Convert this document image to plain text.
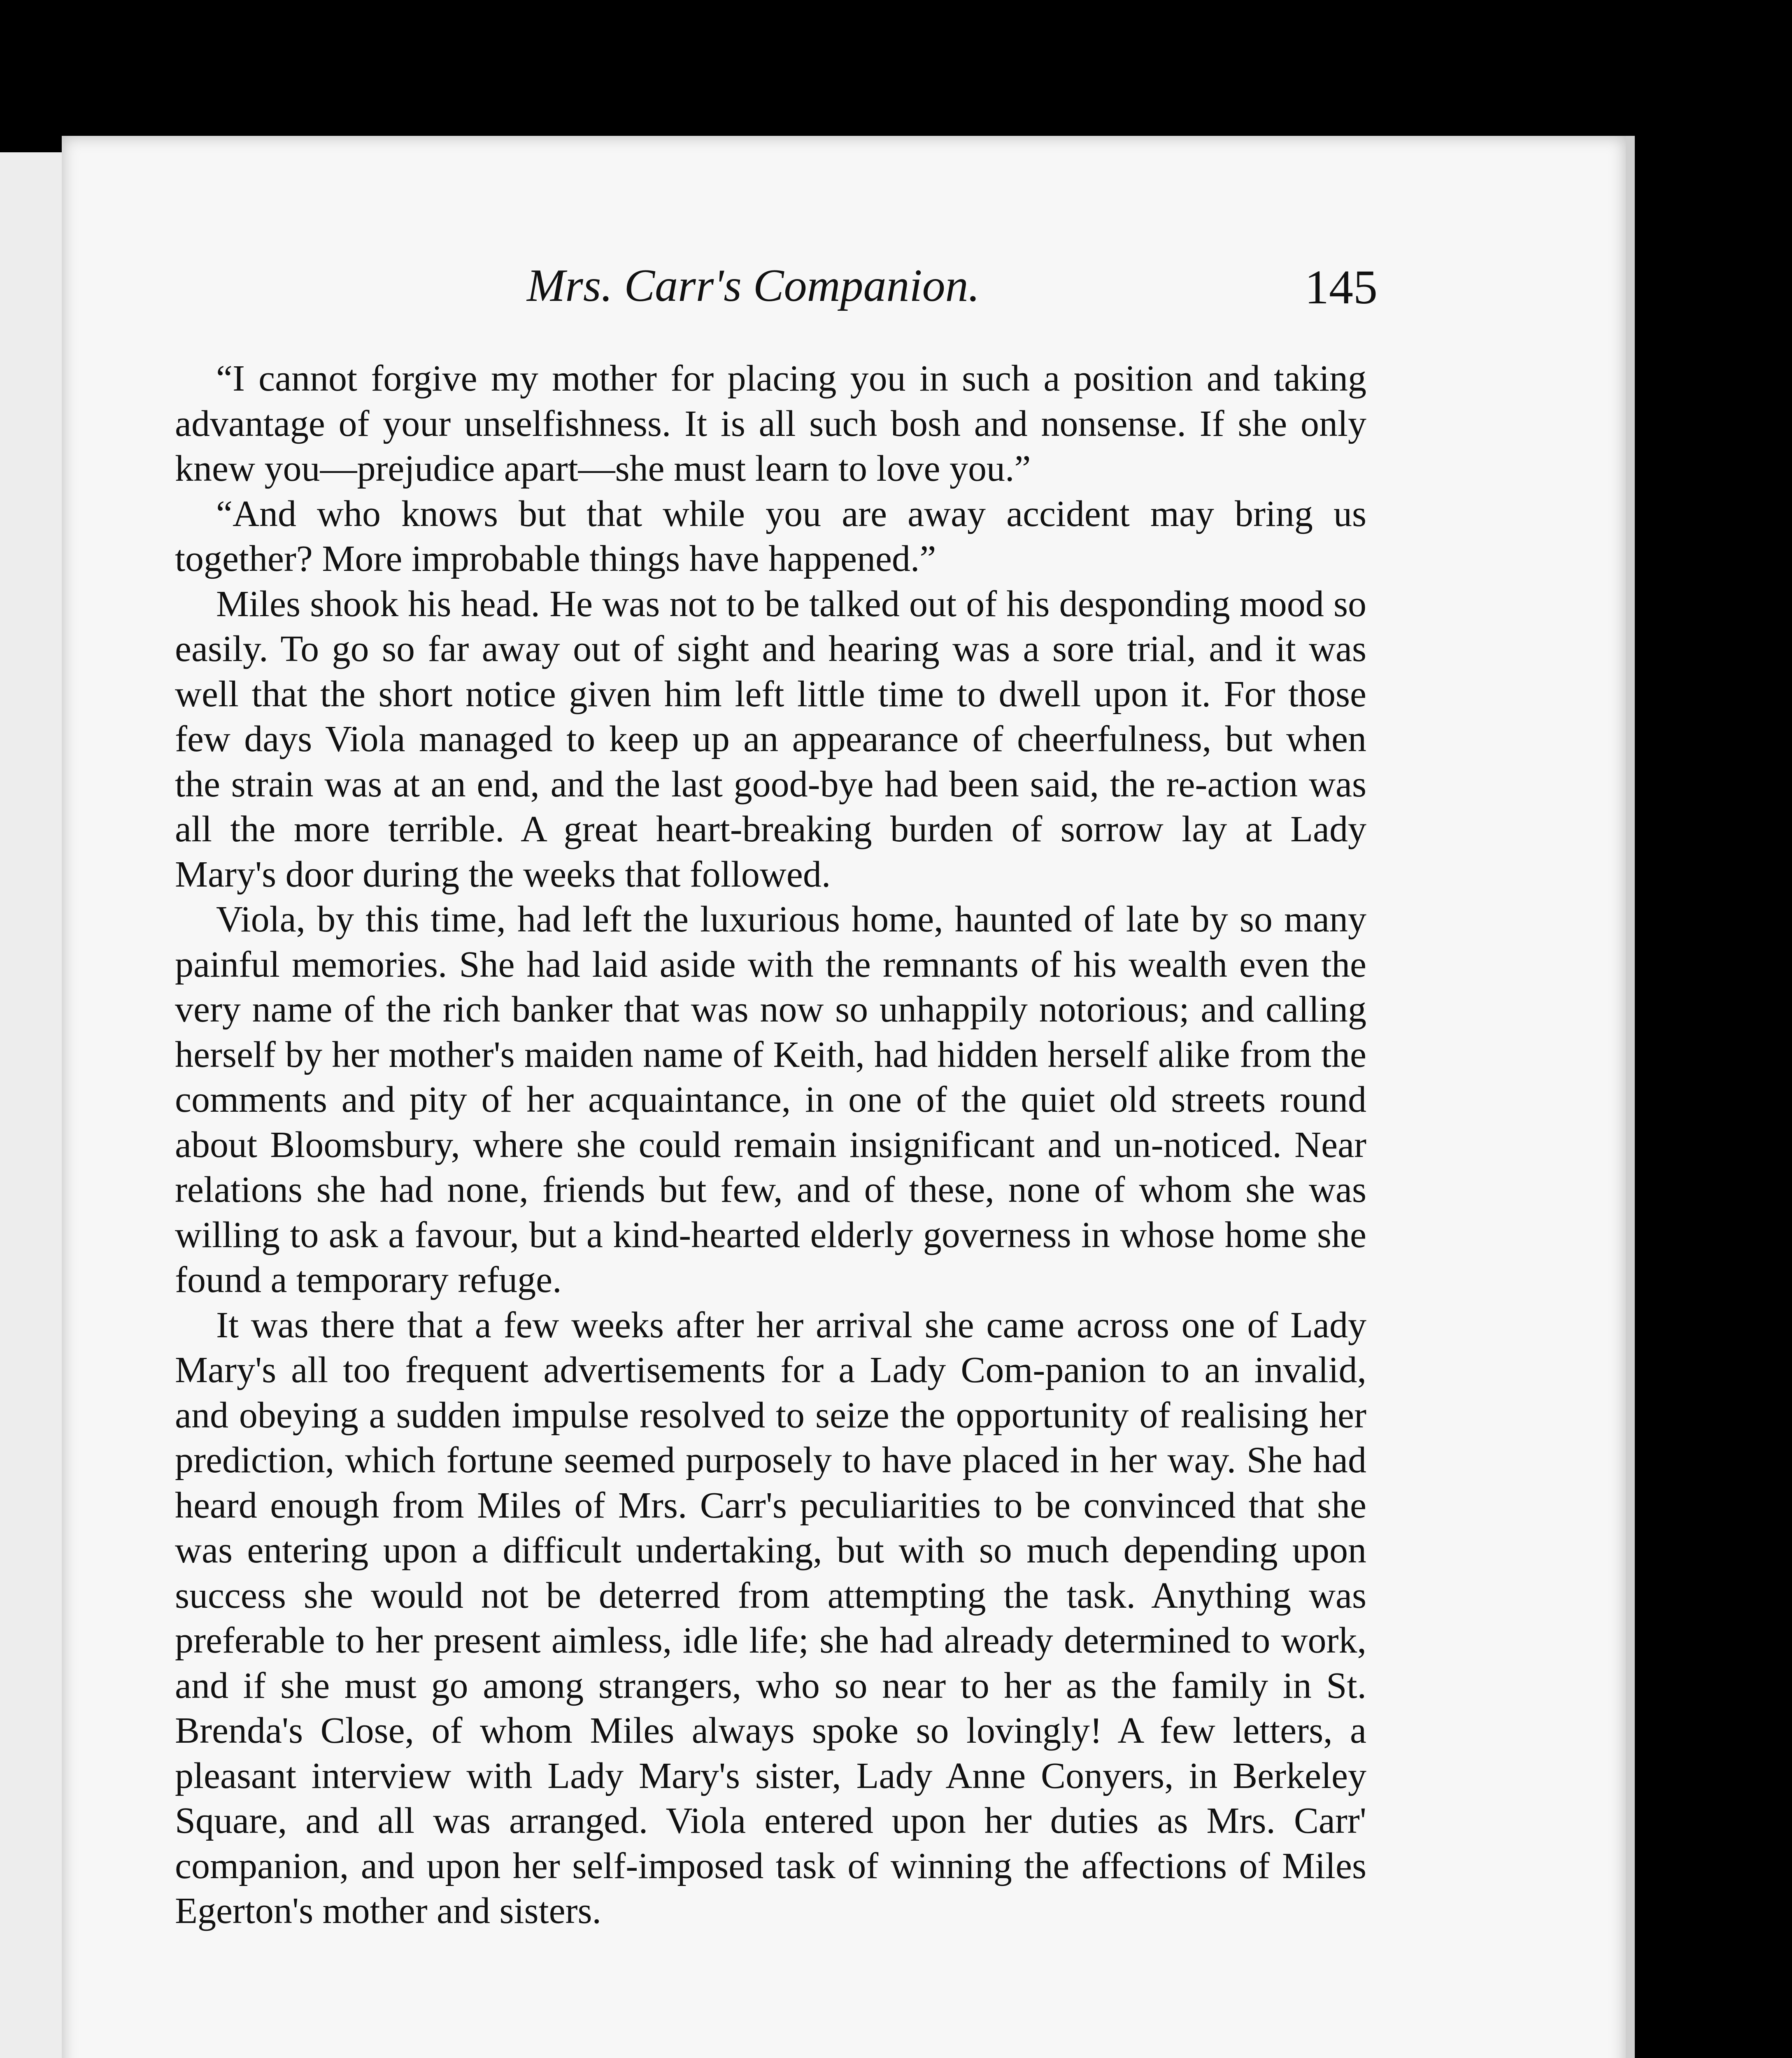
Mrs. Carr's Companion.	145

“I cannot forgive my mother for placing you in such a position and taking advantage of your unselfishness. It is all such bosh and nonsense. If she only knew you—prejudice apart—she must learn to love you.”

“And who knows but that while you are away accident may bring us together? More improbable things have happened.”

Miles shook his head. He was not to be talked out of his desponding mood so easily. To go so far away out of sight and hearing was a sore trial, and it was well that the short notice given him left little time to dwell upon it. For those few days Viola managed to keep up an appearance of cheerfulness, but when the strain was at an end, and the last good-bye had been said, the re-action was all the more terrible. A great heart-breaking burden of sorrow lay at Lady Mary's door during the weeks that followed.

Viola, by this time, had left the luxurious home, haunted of late by so many painful memories. She had laid aside with the remnants of his wealth even the very name of the rich banker that was now so unhappily notorious; and calling herself by her mother's maiden name of Keith, had hidden herself alike from the comments and pity of her acquaintance, in one of the quiet old streets round about Bloomsbury, where she could remain insignificant and un-noticed. Near relations she had none, friends but few, and of these, none of whom she was willing to ask a favour, but a kind-hearted elderly governess in whose home she found a temporary refuge.

It was there that a few weeks after her arrival she came across one of Lady Mary's all too frequent advertisements for a Lady Com-panion to an invalid, and obeying a sudden impulse resolved to seize the opportunity of realising her prediction, which fortune seemed purposely to have placed in her way. She had heard enough from Miles of Mrs. Carr's peculiarities to be convinced that she was entering upon a difficult undertaking, but with so much depending upon success she would not be deterred from attempting the task. Anything was preferable to her present aimless, idle life; she had already determined to work, and if she must go among strangers, who so near to her as the family in St. Brenda's Close, of whom Miles always spoke so lovingly! A few letters, a pleasant interview with Lady Mary's sister, Lady Anne Conyers, in Berkeley Square, and all was arranged. Viola entered upon her duties as Mrs. Carr' companion, and upon her self-imposed task of winning the affections of Miles Egerton's mother and sisters.
